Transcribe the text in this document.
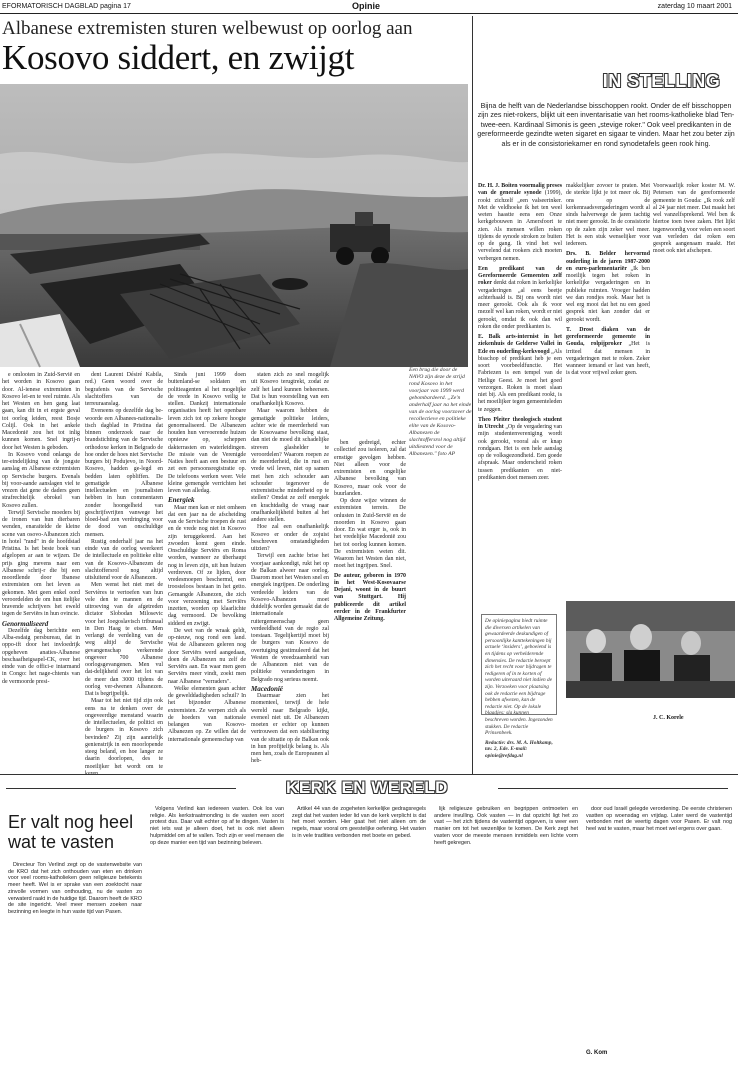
EFORMATORISCH DAGBLAD pagina 17	Opinie	zaterdag 10 maart 2001
Albanese extremisten sturen welbewust op oorlog aan
Kosovo siddert, en zwijgt
Een brug die door de NAVO zijn deze de strijd rond Kosovo in het voorjaar van 1999 werd gebombardeerd. „Ze'n anderhalf jaar na het einde van de oorlog voorzover de recollectieve en politieke elite van de Kosovo-Albanezen de slachtoffersrol nog altijd uitdiestend voor de Albanezen." foto AP

e omlooten in Zuid-Servië en het worden in Kosovo gaan door. Al-ienese extremisten in Kosovo lei-en te veel ruimte. Als het Westen en hen gang laat gaan, kan dit in et ergste geval tot oorlog leiden, reest Bosje Colijl. Ook in het ankele Macedonië zou het tot inlig kunnen komen. Snel ingrij-n door het Westen is geboden.

In Kosovo vond onlangs de ter-eindelijking van de jongste aanslag en Albanese extremisten op Servische burgers. Evenals bij voor-aande aanslagen viel te vrezen dat gene de daders geen strafrechtelijk ebrokel van Kosovo zullen.

Terwijl Servische moeders bij de ironen van hun dierbaren wenden, enaraitelde de kleine scene van osovo-Albanezen zich in hotel "rand" in de hoofdstad Pristina. Is het beste boek van afgelopen ar aan te wijzen. De prijs ging mevens naar een Albanese schrij-r die bij een moordlende door Ibanese extremisten om het leven as gekomen. Met geen enkel oord veroordelden de om hun itelijke bravende schrijvers het eweld tegen de Serviërs in hun ovincie.

Genormaliseerd

Dezelfde dag berichtte een Alba-esdaig persbureau, dat in oppo-ift door het invloedrijk opgeheven anaties-Albanese beschaafheigsapel-CK, over het einde van de offici-e intarmand in Congo: het nage-chtenis van de vermoorde presi-

dent Laurent Désiré Kabila, red.) Geen woord over de begrafenis van de Servische slachtoffers van de terreuraanslag.

Eveneens op dezelfde dag be-woorde een Albanees-nationalis-tisch dagblad in Pristina dat binnen onderzoek naar de brandstichting van de Servische orthodoxe kerken in Belgrado de hoe onder de hoes niet Servische burgers bij Podujevo, in Noord-Kosovo, hadden ge-legd en bedden laten opbliffen. De gematigde Albanese intellectuelen en journalisten hebben in hun commentaren zonder hoongelheid van geschrijfsvrijten vanwege het bloed-bad zen verdringing voor de dood van onschuldige mensen.

Rustig onderhalf jaar na het einde van de oorlog weerkeert de intellectuele en politieke elite van de Kosovo-Albanezen de slachtoffersrol nog altijd uitsluitend voor de Albanezen.

Men wenst het niet met de Servières te vertoefen van hun vele den te mannen en de uitroeving van de afgetreden dictator Slobodan Milosevic voor het Joegoslavisch tribunaal in Den Haag te eisen. Men verlangt de verdeling van de weg altijd de Servische gevangenschap verkerende ongeveer 700 Albanese oorlogsgevangenen. Men vul dat-delijkheid over het lot van de meer dan 3000 tijdens de oorlog ver-dwenen Albanezen. Dat is begrijpelijk.

Maar tot het niet tijd zijn ook eens na te denken over de ongeveerdige menstand waarin de intellectuelen, de politici en de burgers in Kosovo zich bevinden? Zij zijn aanrielijk genienstrijk in een moorlopende steeg beland, en hoe langer ze daarin doorlopen, des te moeilijker het wordt om te

Sinds juni 1999 doen buitenland-se soldaten en politieagenten al het mogelijke de vrede in Kosovo veilig te stellen. Dankzij internationale organisaties heeft het openbare leven zich tot op zekere hoogte genormaliseerd. De Albanezen houden hun vervoerende huizen opnieuw op, scheppen dakterrasten en waterleidingen. De missie van de Verenigde Naties heeft aan een bestuur en zet een persoonsregistratie op. De telefoons werken weer. Vele kleine gemengde verrichten het leven van alledag.

Energiek

Maar men kan er niet omheen dat een jaar na de afscheiding van de Servische troepen de rust en de vrede nog niet in Kosovo zijn teruggekeerd. Aan het zwoeden komt geen einde. Onschuldige Serviërs en Roma worden, wanneer ze überhaupt nog in leven zijn, uit hun huizen verdreven. Of ze lijden, door vredesmoepen beschermd, een troosteloos bestaan in het getto. Gemangde Albanezen, die zich voor verzoening met Serviërs inzetten, worden op klaarlichte dag vermoord. De bevolking sidderd en zwijgt.

De wet van de wraak geldt, op-nieuw, nog rond een land. Wat de Albanezen geleren nog door Serviërs werd aangedaan, doen de Albanezen nu zelf de Serviërs aan. En waar men geen Serviërs meer vindt, zoekt men naar Albanese "verraders".

Welke elementen gaan achter de gewelddadigheden schuil? In het bijzonder Albanese extremisten. Ze werpen zich als de hoeders van nationale belangen van Kosovo-Albanezen op. Ze willen dat de internationale gemeenschap van

staten zich zo snel mogelijk uit Kosovo terugtrekt, zodat ze zelf het land kunnen beheersen. Dat is hun voorstelling van een onafhankelijk Kosovo.

Maar waarom hebben de gematigde politieke leiders, achter wie de meerderheid van de Kosovaarse bevolking staat, dan niet de moed dit schadelijke streven glashelder te veroordelen? Waarom roepen ze de meerderheid, die in rust en vrede wil leven, niet op samen met hen zich schouder aan schouder tegenover de extremistische minderheid op te stellen? Omdat ze zelf energiek en krachtdadig de vraag naar onafhankelijkheid buiten al het andere stellen.

Hoe zal een onafhankelijk Kosovo er onder de zojuist beschreven omstandigheden uitzien?

Terwijl een zachte brise het voorjaar aankondigt, rukt het op de Balkan alweer naar oorlog. Daarom moet het Westen snel en energiek ingrijpen. De onderling verdeelde leiders van de Kosovo-Albanezen moet duidelijk worden gemaakt dat de internationale ruitergemeenschap geen verdeeldheid van de regio zal toestaan. Tegelijkertijd moet bij de burgers van Kosovo de overtuiging gestimuleerd dat het Westen de vreedzaamheid van de Albanezen niet van de politieke veranderingen in Belgrado nog serieus neemt.

Macedonië

Daarmaar zien het momenteel, terwijl de hele wereld naar Belgrado kijkt, eveneel niet uit. De Albanezen moeten er echter op kunnen vertrouwen dat een stabilisering van de situatie op de Balkan ook in hun profijtelijk belang is. Als men hen, zoals de Europeanen al heb-

ben gedreigd, echter collectief zou isoleren, zal dat ernstige gevolgen hebben. Niet alleen voor de extremisten en ongelijke Albanese bevolking van Kosovo, maar ook voor de buurlanden.

Op deze wijze winnen de extremisten terrein. De onlusten in Zuid-Servië en de moorden in Kosovo gaan door. En wat erger is, ook in het vredelijke Macedonië zou het tot oorlog kunnen komen. De extremisten weten dit. Waarom het Westen dan niet, moet het ingrijpen. Snel.

De auteur, geboren in 1970 in het West-Kosovaarse Dejani, woont in de buurt van Stuttgart. Hij publiceerde dit artikel eerder in de Frankfurter Allgemeine Zeitung.

IN STELLING
Bijna de helft van de Nederlandse bisschoppen rookt. Onder de elf bisschoppen zijn zes niet-rokers, blijkt uit een inventarisatie van het rooms-katholieke blad Ten-twee-een. Kardinaal Simonis is geen „stevige roker." Ook veel predikanten in de gereformeerde gezindte weten sigaret en sigaar te vinden. Maar het zou beter zijn als er in de consistoriekamer en rond synodetafels geen rook hing.

Dr. H. J. Boiten voormalig preses van de generale synode (1999), rookt zichzelf „een valseerinker. Met de veldhoeke ik het ten weel weten haastte eens een Onze kerkgebouwen in Amersfoort te zien. Als mensen willen roken tijdens de synode stroken ze buiten op de gang. Ik vind het wel vervelend dat rookers zich moeten verbergen nemen.

Een predikant van de Gereformeerde Gemeenten zelf roker denkt dat roken in kerkelijke vergaderingen „al eens beetje achterhaald is. Bij ons wordt niet meer gerookt. Ook als ik voor mezelf wel kan roken, wordt er niet gerookt, omdat ik ook dan wil roken die onder predikanten is.

E. Balk arts-internist in het ziekenhuis de Gelderse Vallei in Ede en ouderling-kerkvoogd „Als bisschop of predikant heb je een soort voorbeeldfunctie. Het Fabriezen is een tempel van de Heilige Geest. Je moet het goed verzorgen. Roken is moet slaan niet bij. Als een predikant rookt, is het moeilijker tegen gemeenteleden te zeggen.

Theo Pleiter theologisch student in Utrecht „Op de vergadering van mijn studentenvereniging wordt ook gerookt, vooral als er knap rondgaan. Het is een hele aanslag op de volksgezondheid. Een goede afspraak. Maar onderscheid roken tussen predikanten en niet-predikanten doet mensen zeer.

makkelijker zovoer te praten. Met de sterkte lijkt je tot meer ok. Bij ons op de kerkenraadsvergaderingen wordt al sinds halverwege de jaren tachtig niet meer gerookt. In de consistorie op de zalen zijn zeker wel meer. Het is een stuk wenselijker voor iedereen.

Drs. B. Belder hervormd ouderling in de jaren 1987-2000 en euro-parlementariër „Ik ben moeilijk tegen het roken in kerkelijke vergaderingen en in publieke ruimten. Vroeger hadden we dan rondjes rook. Maar het is wel erg mooi dat het nu een goed gesprek niet kan zonder dat er gerookt wordt.

T. Drost diaken van de gereformeerde gemeente in Gouda, rolpijproker „Het is irriteel dat mensen in vergaderingen met te roken. Zeker wanneer iemand er last van heeft, is dat voor vrijwel zeker geen.

Voorwaarlijk roker koster M. W. Petersen van de gereformeerde gemeente in Gouda: „Ik rook zelf al 24 jaar niet meer. Dat maakt het wel vanzelfsprekend. Wel ben ik hiertoe toen twee zaken. Het lijkt tegenwoordig voor velen een soort van verleden dat roken een gesprek aangenaam maakt. Het moet ook niet afschepen.

De opiniepagina biedt ruimte die diversen artikelen van gewaardeerde deskundigen of persoonlijke kanttekeningen bij actuele ‘insiders’, geboeiend is en tijdens op verhelderende dimensies. De redactie beroept zich het recht voor bijdragen te redigeren of in te korten of worden uiteraard niet indien de zijn. Verzoeken voor plaatsing ook de redactie een bijdrage hebben afwezen, kan de redactie niet. Op de lokale blaadjes: sla kunnen beschreven worden. Ingezonden stukken. De redactie Prinsenbeek.
Redactie: drs. M. A. Holtkamp, tav. 2, Ede. E-mail: opinie@refdag.nl
J. C. Korele
KERK EN WERELD
Er valt nog heel wat te vasten

Directeur Ton Verlind zegt op de vastenwebsite van de KRO dat het zich onthouden van eten en drinken voor veel rooms-katholieken geen religieuze betekenis meer heeft. Wel is er sprake van een zoektocht naar zinvolle vormen van onthouding, nu de vasten zo verwaterd raakt in de huidige tijd. Daarom heeft de KRO de site ingericht. Veel meer mensen zoeken naar bezinning en leegte in hun vaste tijd van Pasen.

Volgens Verlind kan iedereen vasten. Ook los van religie. Als kerkstraatmonding is de vasten een soort protest dus. Daar valt echter op af te dingen. Vasten is niet iets wat je alleen doet, het is ook niet alleen hulpmiddel om af te vallen. Toch zijn er veel mensen die op deze manier een tijd van bezinning beleven.

Artikel 44 van de zogeheten kerkelijke gedragsregels zegt dat het vasten ieder lid van de kerk verplicht is dat het moet worden. Hier gaat het niet alleen om de regels, maar vooral om geestelijke oefening. Het vasten is in vele tradities verbonden met boete en gebed.

lijk religieuze gebruiken en begrippen ontmoeten en andere invulling. Ook vasten — in dat opzicht ligt het zo vast — het zich tijdens de vastentijd opgeven, is weer een manier om tot het wezenlijke te komen. De Kerk zegt het vasten voor de meeste mensen inmiddels een lichte vorm heeft gekregen.

door oud Israël gelegde verordening. De eerste christenen vastten op woensdag en vrijdag. Later werd de vastentijd verbonden met de veertig dagen voor Pasen. Er valt nog heel wat te vasten, maar het moet wel ergens over gaan.

G. Kom
